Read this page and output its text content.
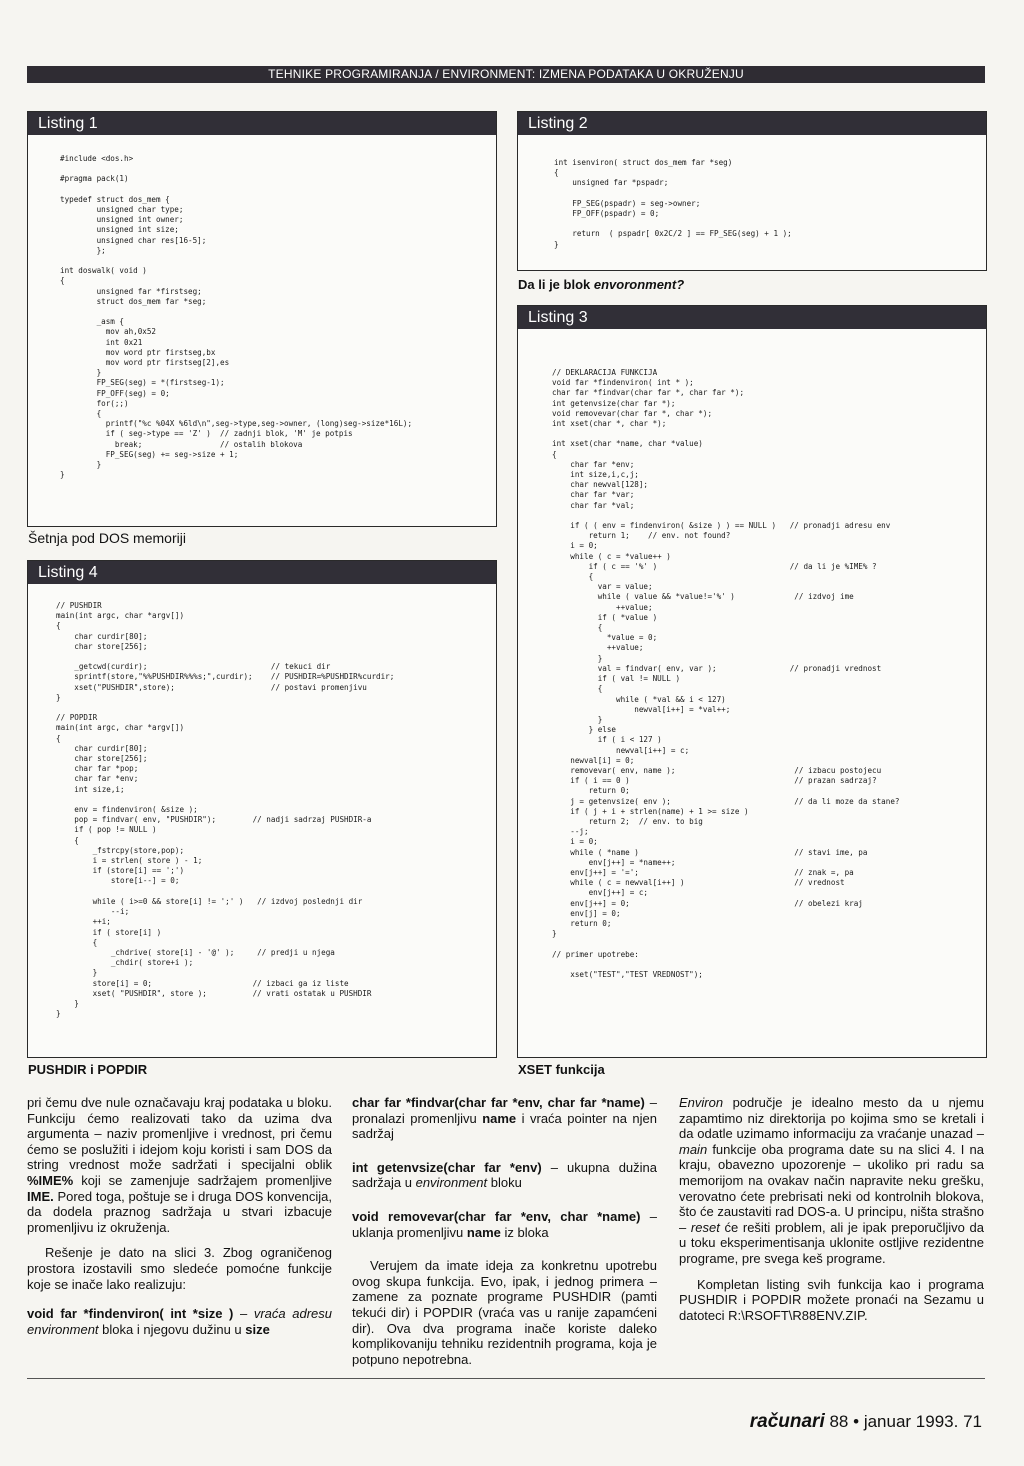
TEHNIKE PROGRAMIRANJA / ENVIRONMENT: IZMENA PODATAKA U OKRUŽENJU
Listing 1
#include <dos.h>

#pragma pack(1)

typedef struct dos_mem {
unsigned char type;
unsigned int owner;
unsigned int size;
unsigned char res[16-5];
};

int doswalk( void )
{
unsigned far *firstseg;
struct dos_mem far *seg;

_asm {
mov ah,0x52
int 0x21
mov word ptr firstseg,bx
mov word ptr firstseg[2],es
}
FP_SEG(seg) = *(firstseg-1);
FP_OFF(seg) = 0;
for(;;)
{
printf("%c %04X %6ld\n",seg->type,seg->owner, (long)seg->size*16L);
if ( seg->type == 'Z' )  // zadnji blok, 'M' je potpis
break;                 // ostalih blokova
FP_SEG(seg) += seg->size + 1;
}
}
Šetnja pod DOS memoriji
Listing 2
int isenviron( struct dos_mem far *seg)
{
unsigned far *pspadr;

FP_SEG(pspadr) = seg->owner;
FP_OFF(pspadr) = 0;

return  ( pspadr[ 0x2C/2 ] == FP_SEG(seg) + 1 );
}
Da li je blok envoronment?
Listing 3
// DEKLARACIJA FUNKCIJA
void far *findenviron( int * );
char far *findvar(char far *, char far *);
int getenvsize(char far *);
void removevar(char far *, char *);
int xset(char *, char *);

int xset(char *name, char *value)
{
char far *env;
int size,i,c,j;
char newval[128];
char far *var;
char far *val;

if ( ( env = findenviron( &size ) ) == NULL )   // pronadji adresu env
return 1;    // env. not found?
i = 0;
while ( c = *value++ )
if ( c == '%' )                             // da li je %IME% ?
{
var = value;
while ( value && *value!='%' )             // izdvoj ime
++value;
if ( *value )
{
*value = 0;
++value;
}
val = findvar( env, var );                // pronadji vrednost
if ( val != NULL )
{
while ( *val && i < 127)
newval[i++] = *val++;
}
} else
if ( i < 127 )
newval[i++] = c;
newval[i] = 0;
removevar( env, name );                          // izbacu postojecu
if ( i == 0 )                                    // prazan sadrzaj?
return 0;
j = getenvsize( env );                           // da li moze da stane?
if ( j + i + strlen(name) + 1 >= size )
return 2;  // env. to big
--j;
i = 0;
while ( *name )                                  // stavi ime, pa
env[j++] = *name++;
env[j++] = '=';                                  // znak =, pa
while ( c = newval[i++] )                        // vrednost
env[j++] = c;
env[j++] = 0;                                    // obelezi kraj
env[j] = 0;
return 0;
}

// primer upotrebe:

xset("TEST","TEST VREDNOST");
XSET funkcija
Listing 4
// PUSHDIR
main(int argc, char *argv[])
{
char curdir[80];
char store[256];

_getcwd(curdir);                           // tekuci dir
sprintf(store,"%%PUSHDIR%%%s;",curdir);    // PUSHDIR=%PUSHDIR%curdir;
xset("PUSHDIR",store);                     // postavi promenjivu
}

// POPDIR
main(int argc, char *argv[])
{
char curdir[80];
char store[256];
char far *pop;
char far *env;
int size,i;

env = findenviron( &size );
pop = findvar( env, "PUSHDIR");        // nadji sadrzaj PUSHDIR-a
if ( pop != NULL )
{
_fstrcpy(store,pop);
i = strlen( store ) - 1;
if (store[i] == ';')
store[i--] = 0;

while ( i>=0 && store[i] != ';' )   // izdvoj poslednji dir
--i;
++i;
if ( store[i] )
{
_chdrive( store[i] - '@' );     // predji u njega
_chdir( store+i );
}
store[i] = 0;                      // izbaci ga iz liste
xset( "PUSHDIR", store );          // vrati ostatak u PUSHDIR
}
}
PUSHDIR i POPDIR

pri čemu dve nule označavaju kraj podataka u bloku. Funkciju ćemo realizovati tako da uzima dva argumenta – naziv promenljive i vrednost, pri čemu ćemo se poslužiti i idejom koju koristi i sam DOS da string vrednost može sadržati i specijalni oblik %IME% koji se zamenjuje sadržajem promenljive IME. Pored toga, poštuje se i druga DOS konvencija, da dodela praznog sadržaja u stvari izbacuje promenljivu iz okruženja.

Rešenje je dato na slici 3. Zbog ograničenog prostora izostavili smo sledeće pomoćne funkcije koje se inače lako realizuju:

void far *findenviron( int *size ) – vraća adresu environment bloka i njegovu dužinu u size

char far *findvar(char far *env, char far *name) – pronalazi promenljivu name i vraća pointer na njen sadržaj

int getenvsize(char far *env) – ukupna dužina sadržaja u environment bloku

void removevar(char far *env, char *name) – uklanja promenljivu name iz bloka

Verujem da imate ideja za konkretnu upotrebu ovog skupa funkcija. Evo, ipak, i jednog primera – zamene za poznate programe PUSHDIR (pamti tekući dir) i POPDIR (vraća vas u ranije zapamćeni dir). Ova dva programa inače koriste daleko komplikovaniju tehniku rezidentnih programa, koja je potpuno nepotrebna.

Environ područje je idealno mesto da u njemu zapamtimo niz direktorija po kojima smo se kretali i da odatle uzimamo informaciju za vraćanje unazad – main funkcije oba programa date su na slici 4. I na kraju, obavezno upozorenje – ukoliko pri radu sa memorijom na ovakav način napravite neku grešku, verovatno ćete prebrisati neki od kontrolnih blokova, što će zaustaviti rad DOS-a. U principu, ništa strašno – reset će rešiti problem, ali je ipak preporučljivo da u toku eksperimentisanja uklonite ostljive rezidentne programe, pre svega keš programe.

Kompletan listing svih funkcija kao i programa PUSHDIR i POPDIR možete pronaći na Sezamu u datoteci R:\RSOFT\R88ENV.ZIP.

računari 88 • januar 1993. 71
